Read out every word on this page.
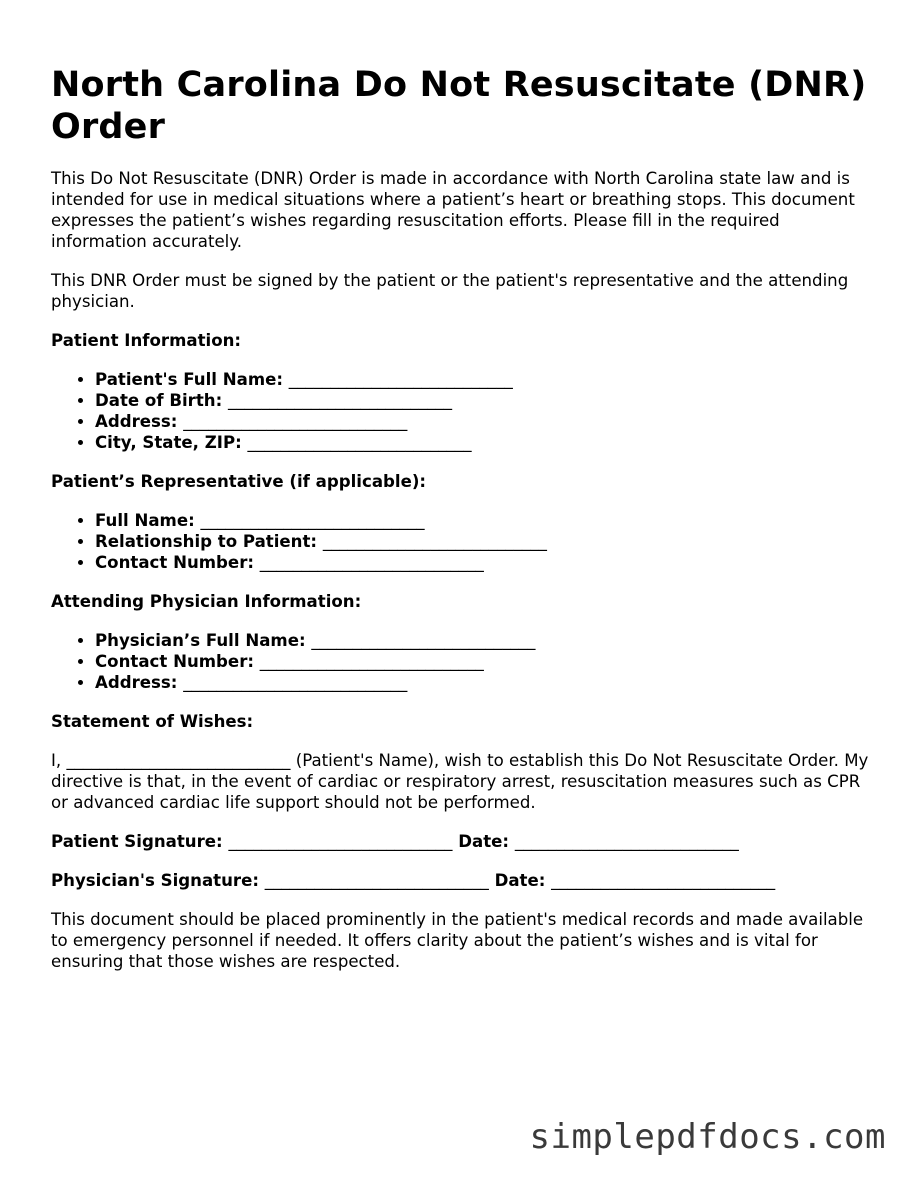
North Carolina Do Not Resuscitate (DNR) Order

This Do Not Resuscitate (DNR) Order is made in accordance with North Carolina state law and is intended for use in medical situations where a patient’s heart or breathing stops. This document expresses the patient’s wishes regarding resuscitation efforts. Please fill in the required information accurately.

This DNR Order must be signed by the patient or the patient's representative and the attending physician.

Patient Information:
• Patient's Full Name: ___________________________
• Date of Birth: ___________________________
• Address: ___________________________
• City, State, ZIP: ___________________________
Patient’s Representative (if applicable):
• Full Name: ___________________________
• Relationship to Patient: ___________________________
• Contact Number: ___________________________
Attending Physician Information:
• Physician’s Full Name: ___________________________
• Contact Number: ___________________________
• Address: ___________________________
Statement of Wishes:

I, ___________________________ (Patient's Name), wish to establish this Do Not Resuscitate Order. My directive is that, in the event of cardiac or respiratory arrest, resuscitation measures such as CPR or advanced cardiac life support should not be performed.

Patient Signature: ___________________________ Date: ___________________________
Physician's Signature: ___________________________ Date: ___________________________

This document should be placed prominently in the patient's medical records and made available to emergency personnel if needed. It offers clarity about the patient’s wishes and is vital for ensuring that those wishes are respected.

simplepdfdocs.com
